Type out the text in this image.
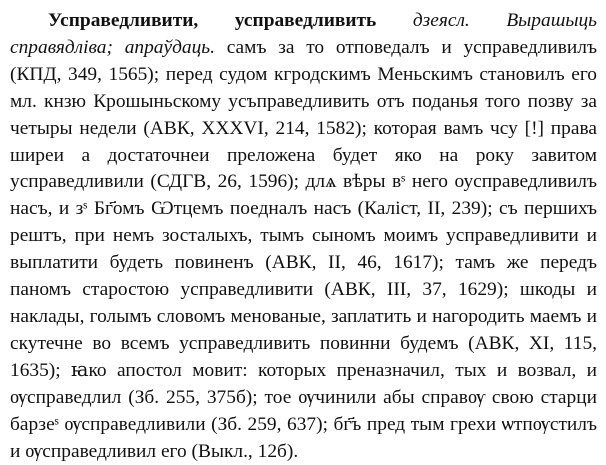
Усправедливити, усправедливить дзеясл. Вырашыць справядліва; апраўдаць. самъ за то отповедалъ и усправедливилъ (КПД, 349, 1565); перед судом кгродскимъ Меньскимъ становилъ его мл. кнзю Крошыньскому усъправедливить отъ поданья того позву за четыры недели (АВК, XXXVI, 214, 1582); которая вамъ чсу [!] права ширеи а достаточнеи преложена будет яко на року завитом усправедливили (СДГВ, 26, 1596); длѧ вѣры вˢ него оусправедливилъ насъ, и зˢ Бг҃омъ Ѡтцемъ поедналъ насъ (Каліст, II, 239); съ першихъ рештъ, при немъ зосталыхъ, тымъ сыномъ моимъ усправедливити и выплатити будеть повиненъ (АВК, II, 46, 1617); тамъ же передъ паномъ старостою усправедливити (АВК, III, 37, 1629); шкоды и наклады, голымъ словомъ менованые, заплатить и нагородить маемъ и скутечне во всемъ усправедливить повинни будемъ (АВК, XI, 115, 1635); ꙗко апостол мовит: которых преназначил, тых и возвал, и ѹсправедлил (Зб. 255, 375б); тое ѹчинили абы справѹ свою старци барзеˢ ѹсправедливили (Зб. 259, 637); бг҃ъ пред тым грехи ѡтпѹстилъ и ѹсправедливил его (Выкл., 12б).
